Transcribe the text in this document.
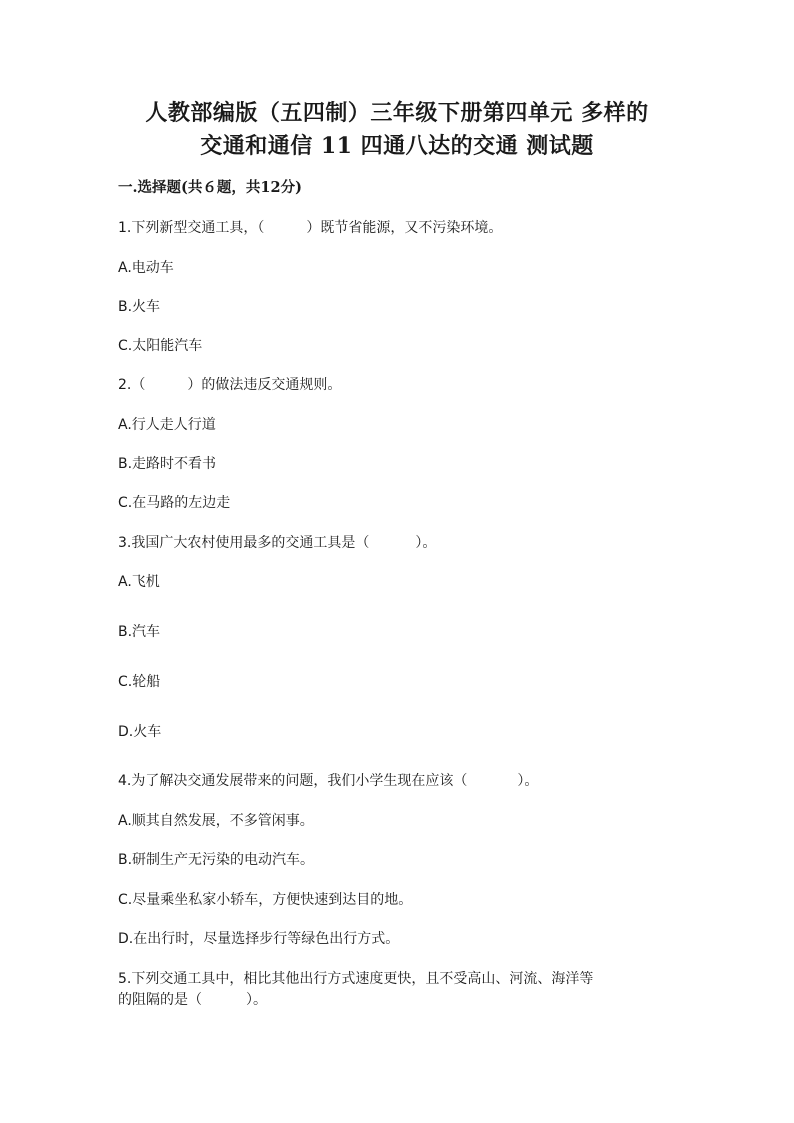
人教部编版（五四制）三年级下册第四单元 多样的
交通和通信 11 四通八达的交通 测试题
一.选择题(共６题，共12分)
1.下列新型交通工具，（	）既节省能源，又不污染环境。
A.电动车
B.火车
C.太阳能汽车
2.（	）的做法违反交通规则。
A.行人走人行道
B.走路时不看书
C.在马路的左边走
3.我国广大农村使用最多的交通工具是（	）。
A.飞机
B.汽车
C.轮船
D.火车
4.为了解决交通发展带来的问题，我们小学生现在应该（	）。
A.顺其自然发展，不多管闲事。
B.研制生产无污染的电动汽车。
C.尽量乘坐私家小轿车，方便快速到达目的地。
D.在出行时，尽量选择步行等绿色出行方式。
5.下列交通工具中，相比其他出行方式速度更快，且不受高山、河流、海洋等
的阻隔的是（	）。
